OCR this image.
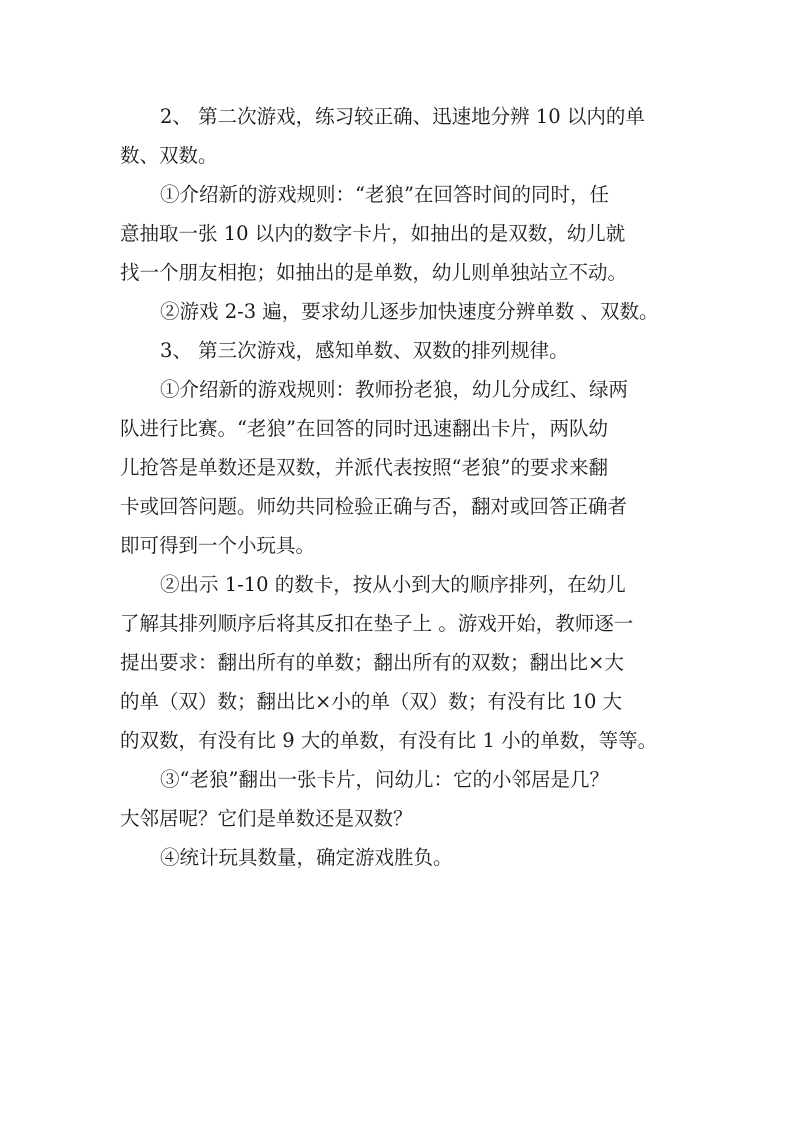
2、 第二次游戏，练习较正确、迅速地分辨 10 以内的单
数、双数。
①介绍新的游戏规则：“老狼”在回答时间的同时，任
意抽取一张 10 以内的数字卡片，如抽出的是双数，幼儿就
找一个朋友相抱；如抽出的是单数，幼儿则单独站立不动。
②游戏 2-3 遍，要求幼儿逐步加快速度分辨单数 、双数。
3、 第三次游戏，感知单数、双数的排列规律。
①介绍新的游戏规则：教师扮老狼，幼儿分成红、绿两
队进行比赛。“老狼”在回答的同时迅速翻出卡片，两队幼
儿抢答是单数还是双数，并派代表按照“老狼”的要求来翻
卡或回答问题。师幼共同检验正确与否，翻对或回答正确者
即可得到一个小玩具。
②出示 1-10 的数卡，按从小到大的顺序排列，在幼儿
了解其排列顺序后将其反扣在垫子上 。游戏开始，教师逐一
提出要求：翻出所有的单数；翻出所有的双数；翻出比×大
的单（双）数；翻出比×小的单（双）数；有没有比 10 大
的双数，有没有比 9 大的单数，有没有比 1 小的单数，等等。
③“老狼”翻出一张卡片，问幼儿：它的小邻居是几？
大邻居呢？它们是单数还是双数？
④统计玩具数量，确定游戏胜负。
